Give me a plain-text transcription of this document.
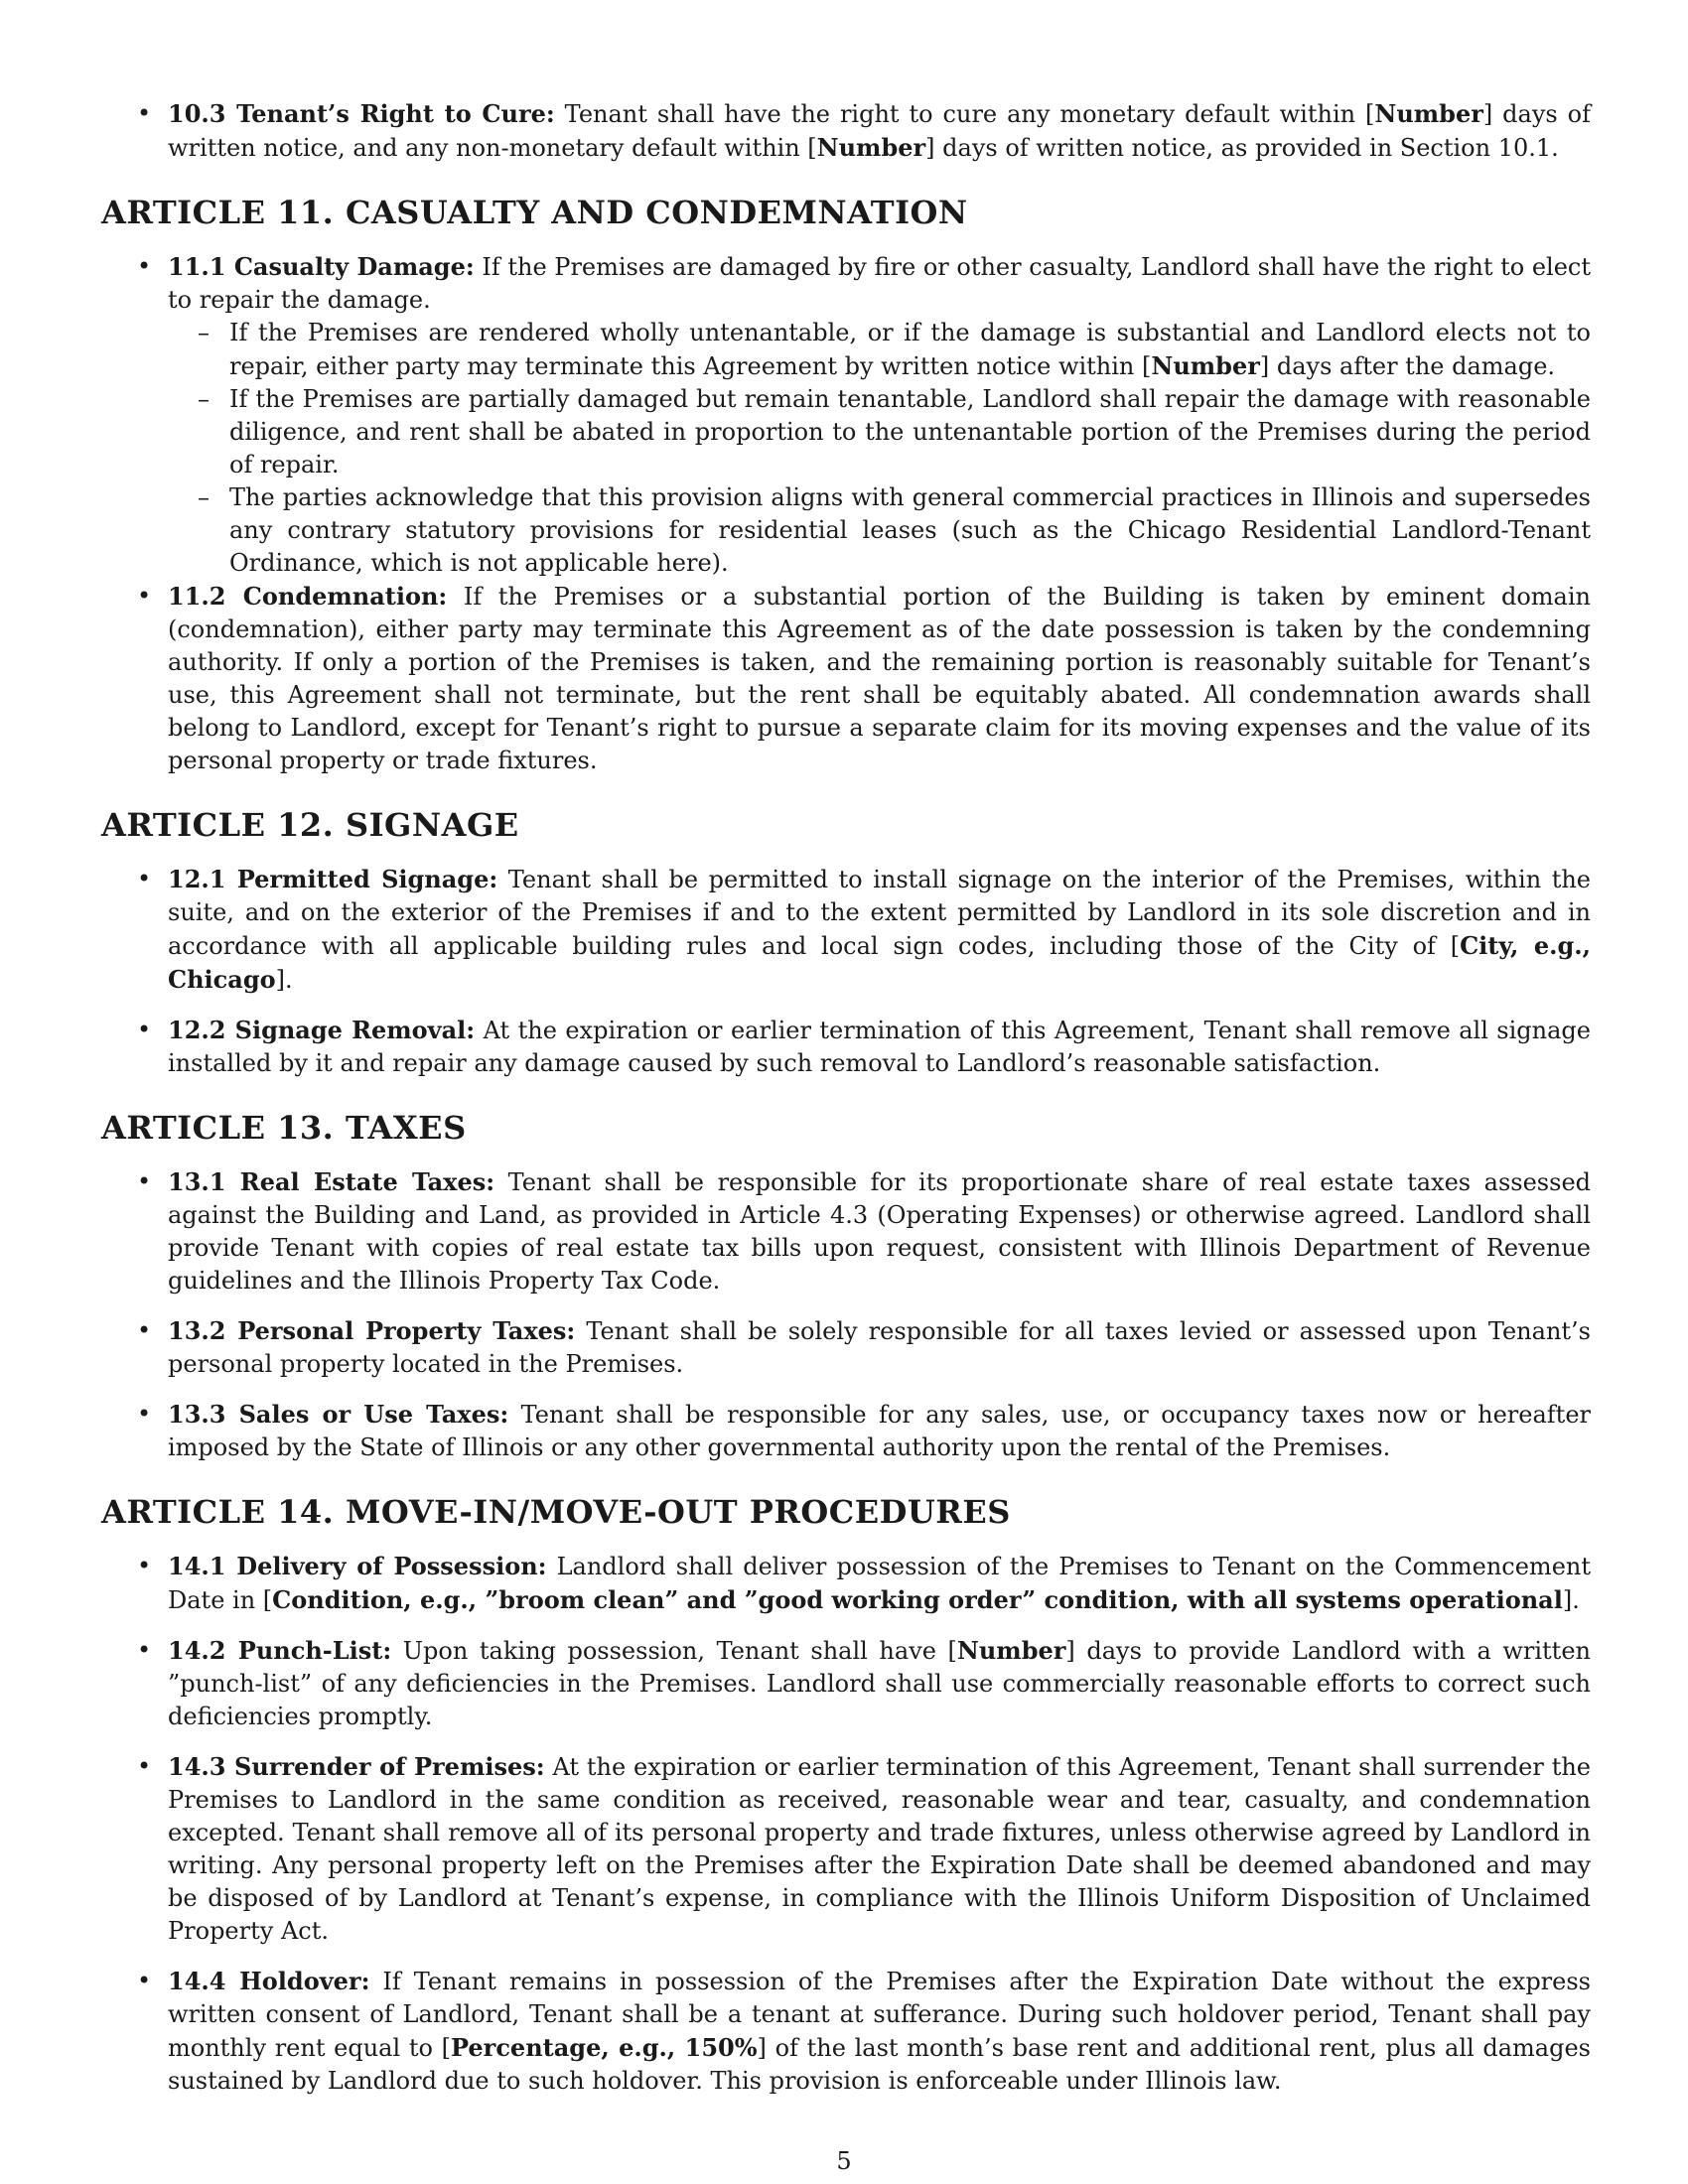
• 10.3 Tenant’s Right to Cure: Tenant shall have the right to cure any monetary default within [Number] days of written notice, and any non-monetary default within [Number] days of written notice, as provided in Section 10.1.
ARTICLE 11. CASUALTY AND CONDEMNATION
• 11.1 Casualty Damage: If the Premises are damaged by fire or other casualty, Landlord shall have the right to elect to repair the damage.
– If the Premises are rendered wholly untenantable, or if the damage is substantial and Landlord elects not to repair, either party may terminate this Agreement by written notice within [Number] days after the damage.
– If the Premises are partially damaged but remain tenantable, Landlord shall repair the damage with reasonable diligence, and rent shall be abated in proportion to the untenantable portion of the Premises during the period of repair.
– The parties acknowledge that this provision aligns with general commercial practices in Illinois and supersedes any contrary statutory provisions for residential leases (such as the Chicago Residential Landlord-Tenant Ordinance, which is not applicable here).
• 11.2 Condemnation: If the Premises or a substantial portion of the Building is taken by eminent domain (condemnation), either party may terminate this Agreement as of the date possession is taken by the condemning authority. If only a portion of the Premises is taken, and the remaining portion is reasonably suitable for Tenant’s use, this Agreement shall not terminate, but the rent shall be equitably abated. All condemnation awards shall belong to Landlord, except for Tenant’s right to pursue a separate claim for its moving expenses and the value of its personal property or trade fixtures.
ARTICLE 12. SIGNAGE
• 12.1 Permitted Signage: Tenant shall be permitted to install signage on the interior of the Premises, within the suite, and on the exterior of the Premises if and to the extent permitted by Landlord in its sole discretion and in accordance with all applicable building rules and local sign codes, including those of the City of [City, e.g., Chicago].
• 12.2 Signage Removal: At the expiration or earlier termination of this Agreement, Tenant shall remove all signage installed by it and repair any damage caused by such removal to Landlord’s reasonable satisfaction.
ARTICLE 13. TAXES
• 13.1 Real Estate Taxes: Tenant shall be responsible for its proportionate share of real estate taxes assessed against the Building and Land, as provided in Article 4.3 (Operating Expenses) or otherwise agreed. Landlord shall provide Tenant with copies of real estate tax bills upon request, consistent with Illinois Department of Revenue guidelines and the Illinois Property Tax Code.
• 13.2 Personal Property Taxes: Tenant shall be solely responsible for all taxes levied or assessed upon Tenant’s personal property located in the Premises.
• 13.3 Sales or Use Taxes: Tenant shall be responsible for any sales, use, or occupancy taxes now or hereafter imposed by the State of Illinois or any other governmental authority upon the rental of the Premises.
ARTICLE 14. MOVE-IN/MOVE-OUT PROCEDURES
• 14.1 Delivery of Possession: Landlord shall deliver possession of the Premises to Tenant on the Commencement Date in [Condition, e.g., ”broom clean” and ”good working order” condition, with all systems operational].
• 14.2 Punch-List: Upon taking possession, Tenant shall have [Number] days to provide Landlord with a written ”punch-list” of any deficiencies in the Premises. Landlord shall use commercially reasonable efforts to correct such deficiencies promptly.
• 14.3 Surrender of Premises: At the expiration or earlier termination of this Agreement, Tenant shall surrender the Premises to Landlord in the same condition as received, reasonable wear and tear, casualty, and condemnation excepted. Tenant shall remove all of its personal property and trade fixtures, unless otherwise agreed by Landlord in writing. Any personal property left on the Premises after the Expiration Date shall be deemed abandoned and may be disposed of by Landlord at Tenant’s expense, in compliance with the Illinois Uniform Disposition of Unclaimed Property Act.
• 14.4 Holdover: If Tenant remains in possession of the Premises after the Expiration Date without the express written consent of Landlord, Tenant shall be a tenant at sufferance. During such holdover period, Tenant shall pay monthly rent equal to [Percentage, e.g., 150%] of the last month’s base rent and additional rent, plus all damages sustained by Landlord due to such holdover. This provision is enforceable under Illinois law.
5
